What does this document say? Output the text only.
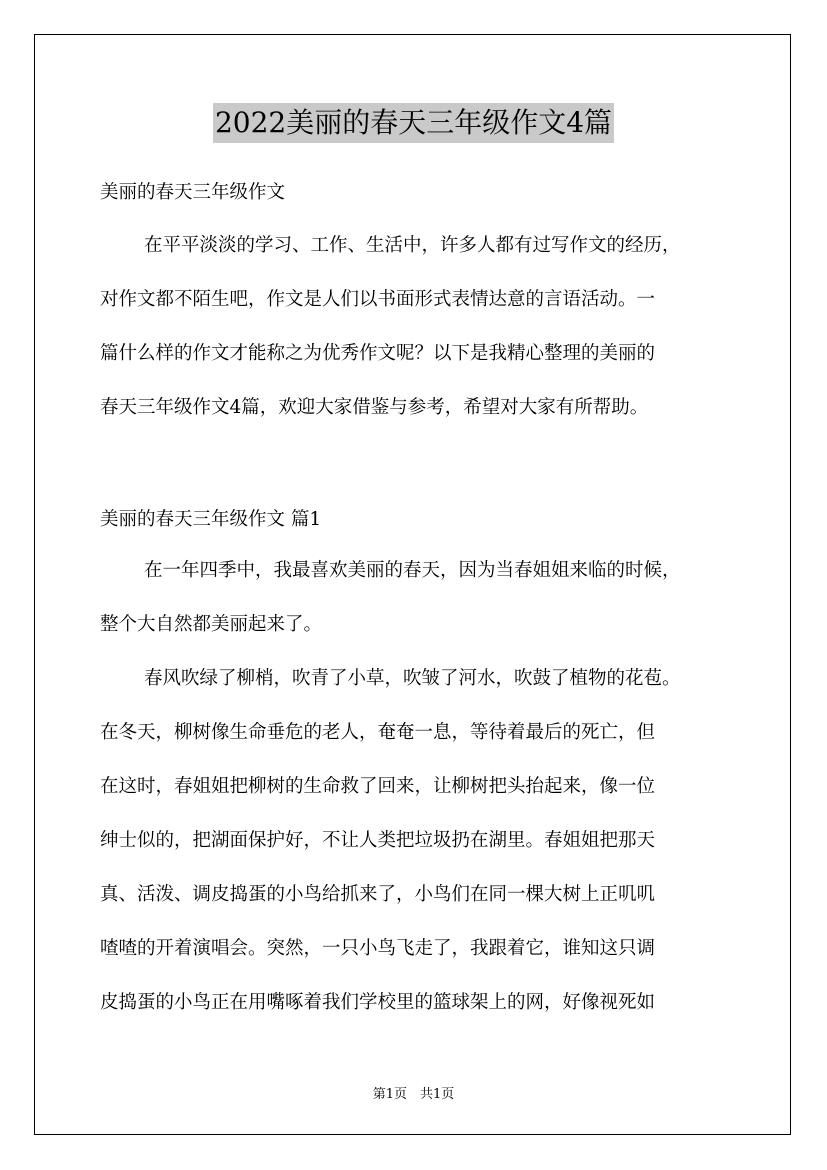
2022美丽的春天三年级作文4篇
美丽的春天三年级作文
在平平淡淡的学习、工作、生活中，许多人都有过写作文的经历，
对作文都不陌生吧，作文是人们以书面形式表情达意的言语活动。一
篇什么样的作文才能称之为优秀作文呢？以下是我精心整理的美丽的
春天三年级作文4篇，欢迎大家借鉴与参考，希望对大家有所帮助。
美丽的春天三年级作文 篇1
在一年四季中，我最喜欢美丽的春天，因为当春姐姐来临的时候，
整个大自然都美丽起来了。
春风吹绿了柳梢，吹青了小草，吹皱了河水，吹鼓了植物的花苞。
在冬天，柳树像生命垂危的老人，奄奄一息，等待着最后的死亡，但
在这时，春姐姐把柳树的生命救了回来，让柳树把头抬起来，像一位
绅士似的，把湖面保护好，不让人类把垃圾扔在湖里。春姐姐把那天
真、活泼、调皮捣蛋的小鸟给抓来了，小鸟们在同一棵大树上正叽叽
喳喳的开着演唱会。突然，一只小鸟飞走了，我跟着它，谁知这只调
皮捣蛋的小鸟正在用嘴啄着我们学校里的篮球架上的网，好像视死如
第1页　共1页
